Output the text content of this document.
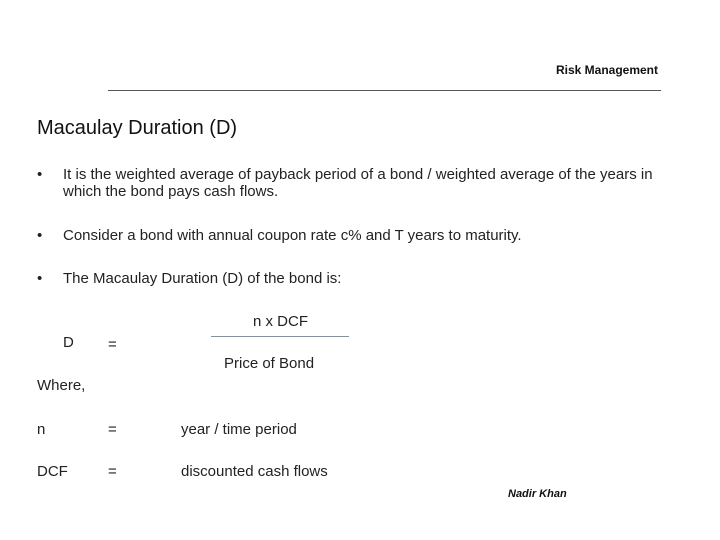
Risk Management
Macaulay Duration (D)
• It is the weighted average of payback period of a bond / weighted average of the years in which the bond pays cash flows.
• Consider a bond with annual coupon rate c% and T years to maturity.
• The Macaulay Duration (D) of the bond is:
D =
n x DCF
Price of Bond
Where,
n	=	year / time period
DCF	=	discounted cash flows
Nadir Khan
